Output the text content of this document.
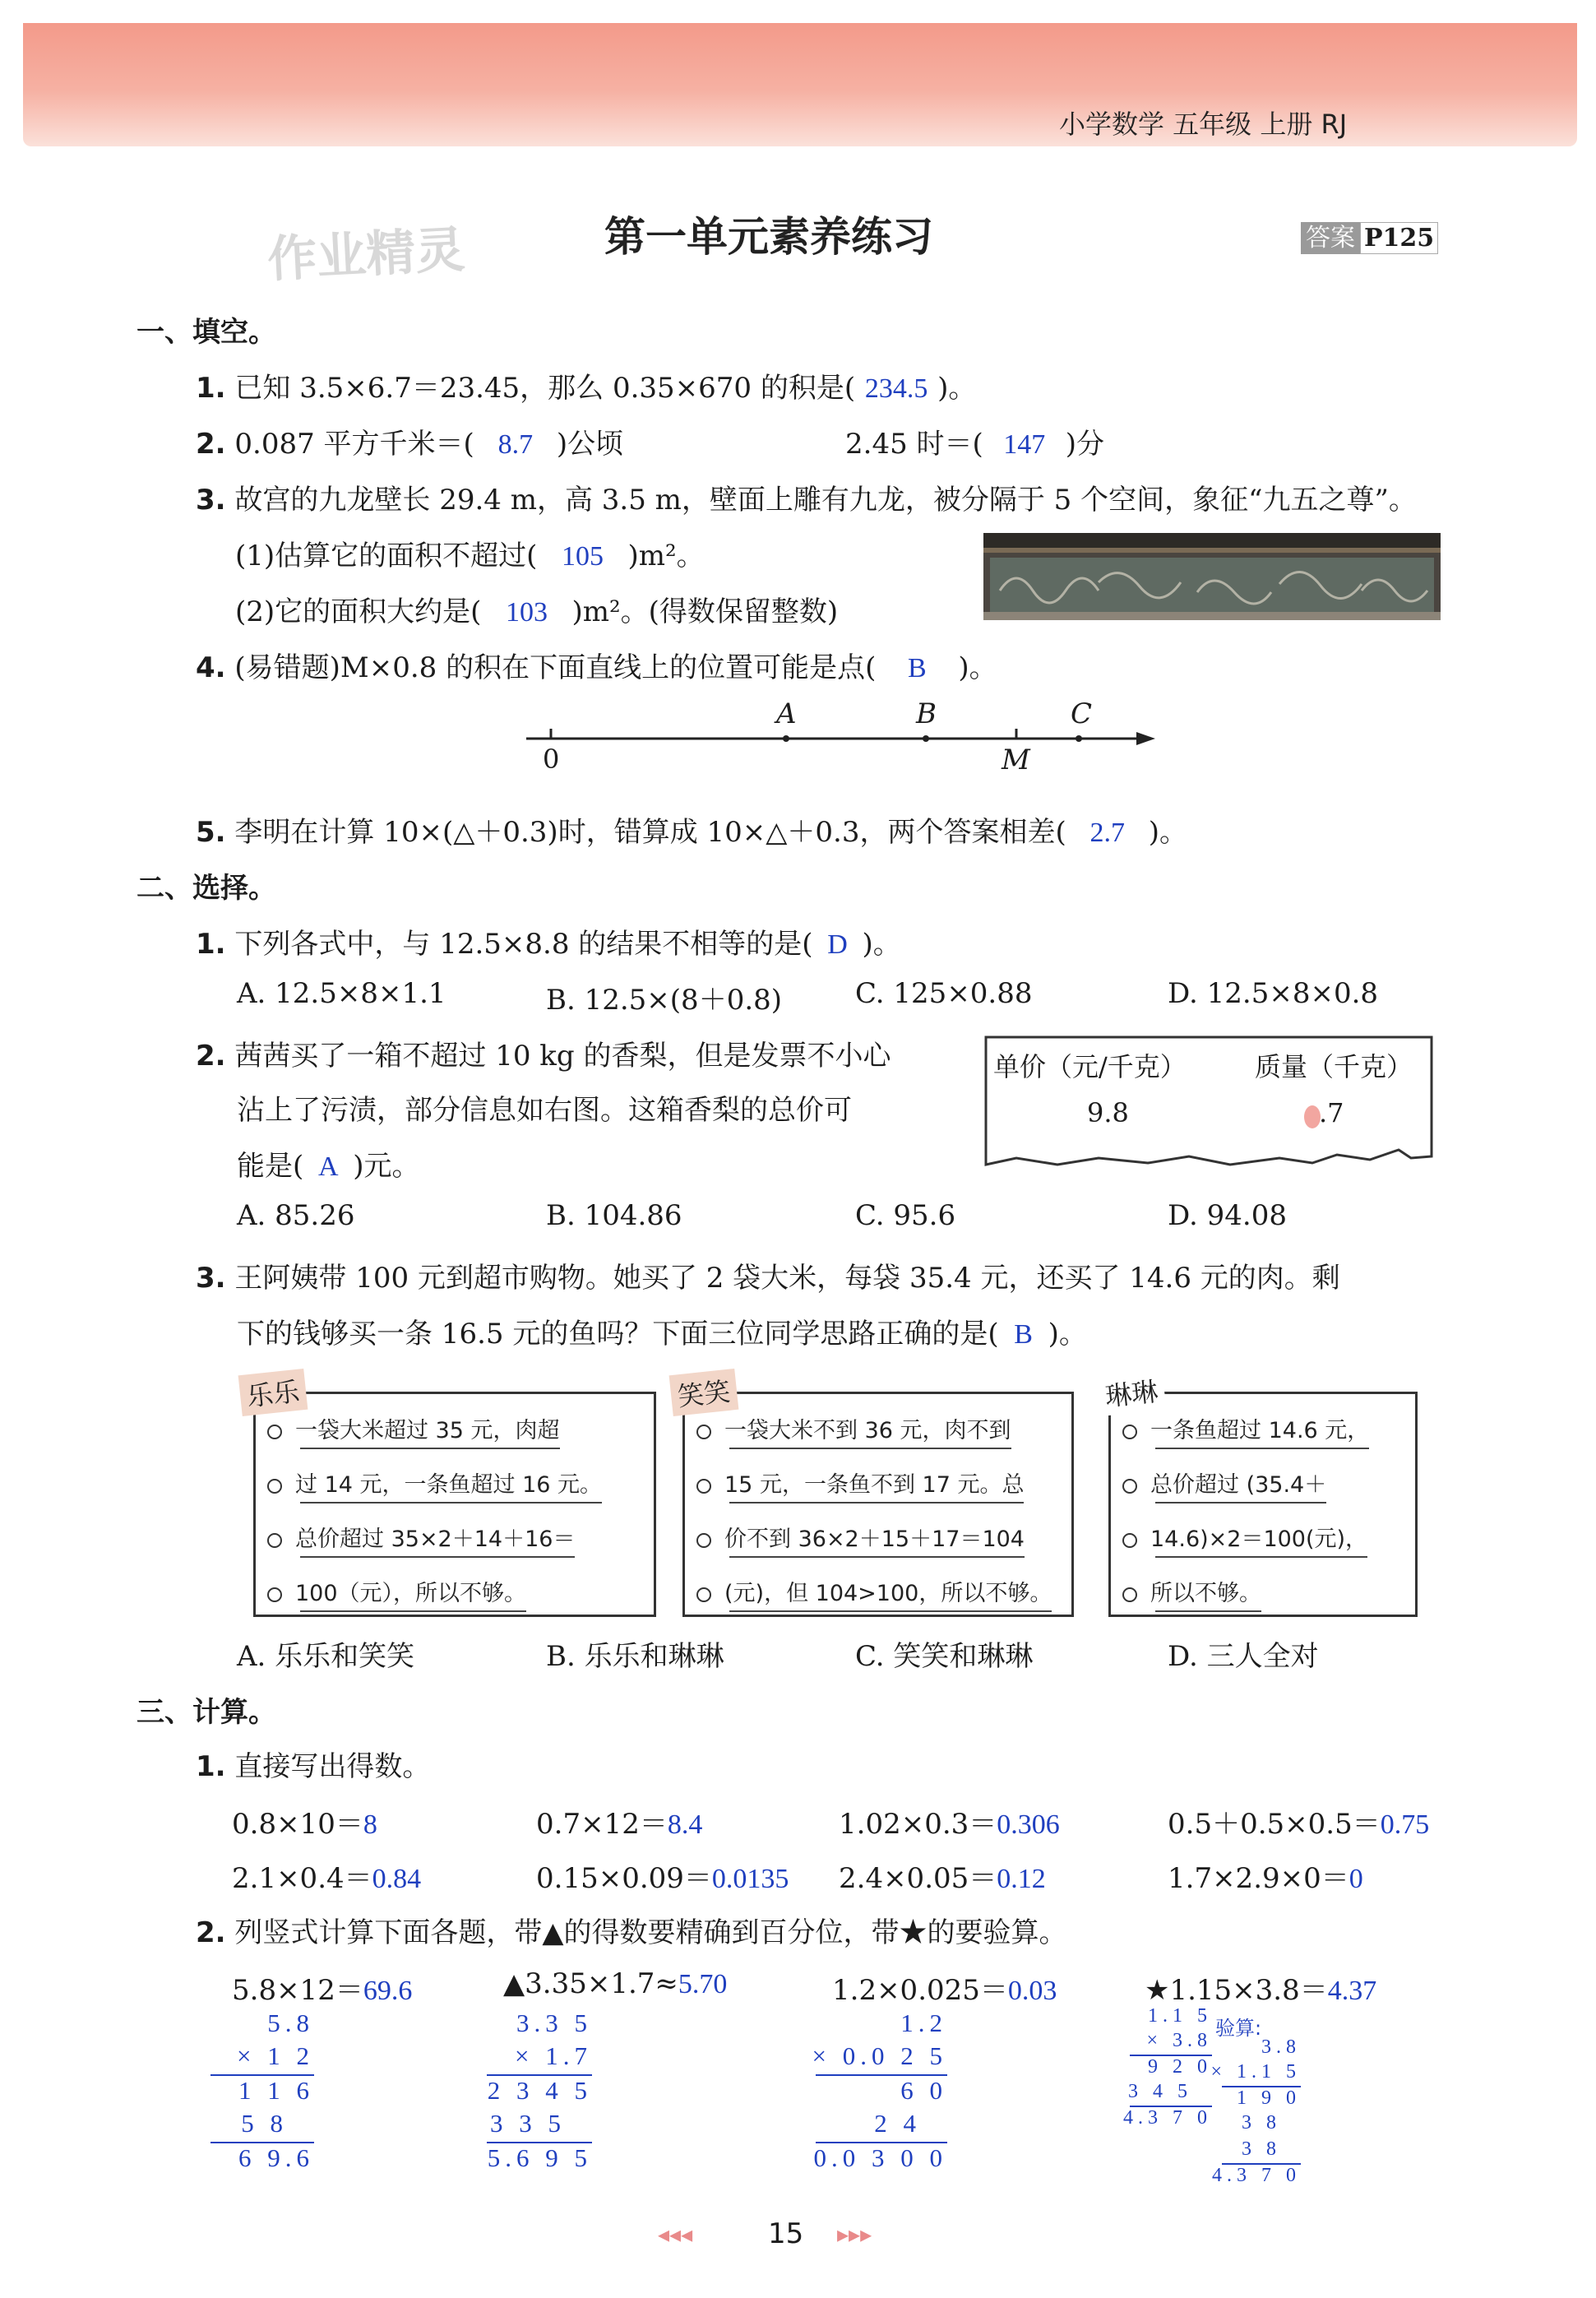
小学数学 五年级 上册 RJ
作业精灵	第一单元素养练习	答案 P125
一、填空。
1. 已知 3.5×6.7＝23.45，那么 0.35×670 的积是( 234.5 )。
2. 0.087 平方千米＝( 8.7 )公顷	2.45 时＝( 147 )分
3. 故宫的九龙壁长 29.4 m，高 3.5 m，壁面上雕有九龙，被分隔于 5 个空间，象征“九五之尊”。
(1)估算它的面积不超过( 105 )m²。
(2)它的面积大约是( 103 )m²。(得数保留整数)
4. (易错题)M×0.8 的积在下面直线上的位置可能是点( B )。
0
A	B
M
C
5. 李明在计算 10×(△＋0.3)时，错算成 10×△＋0.3，两个答案相差( 2.7 )。
二、选择。
1. 下列各式中，与 12.5×8.8 的结果不相等的是( D )。
A. 12.5×8×1.1	B. 12.5×(8＋0.8)	C. 125×0.88	D. 12.5×8×0.8
2. 茜茜买了一箱不超过 10 kg 的香梨，但是发票不小心
沾上了污渍，部分信息如右图。这箱香梨的总价可
能是( A )元。
单价（元/千克）	质量（千克）
9.8	.7
A. 85.26	B. 104.86	C. 95.6	D. 94.08
3. 王阿姨带 100 元到超市购物。她买了 2 袋大米，每袋 35.4 元，还买了 14.6 元的肉。剩
下的钱够买一条 16.5 元的鱼吗？下面三位同学思路正确的是( B )。
一袋大米超过 35 元，肉超
过 14 元，一条鱼超过 16 元。
总价超过 35×2＋14＋16＝
100（元），所以不够。
乐乐
一袋大米不到 36 元，肉不到
15 元，一条鱼不到 17 元。总
价不到 36×2＋15＋17＝104
(元)，但 104>100，所以不够。
笑笑
一条鱼超过 14.6 元，
总价超过 (35.4＋
14.6)×2＝100(元)，
所以不够。
琳琳
A. 乐乐和笑笑	B. 乐乐和琳琳	C. 笑笑和琳琳	D. 三人全对
三、计算。
1. 直接写出得数。
0.8×10＝8	0.7×12＝8.4	1.02×0.3＝0.306	0.5＋0.5×0.5＝0.75
2.1×0.4＝0.84	0.15×0.09＝0.0135 2.4×0.05＝0.12	1.7×2.9×0＝0
2. 列竖式计算下面各题，带▲的得数要精确到百分位，带★的要验算。
5.8×12＝69.6	▲3.35×1.7≈5.70	1.2×0.025＝0.03	★1.15×3.8＝4.37
5.8
× 1 2
1 1 6
5 8
6 9.6
3.3 5
× 1.7
2 3 4 5
3 3 5
5.6 9 5
1.2
× 0.0 2 5
6 0
2 4
0.0 3 0 0
1.1 5
× 3.8
9 2 0
3 4 5
4.3 7 0
验算:
3.8
× 1.1 5
1 9 0
3 8
3 8
4.3 7 0
◂◂◂	15 ▸▸▸
